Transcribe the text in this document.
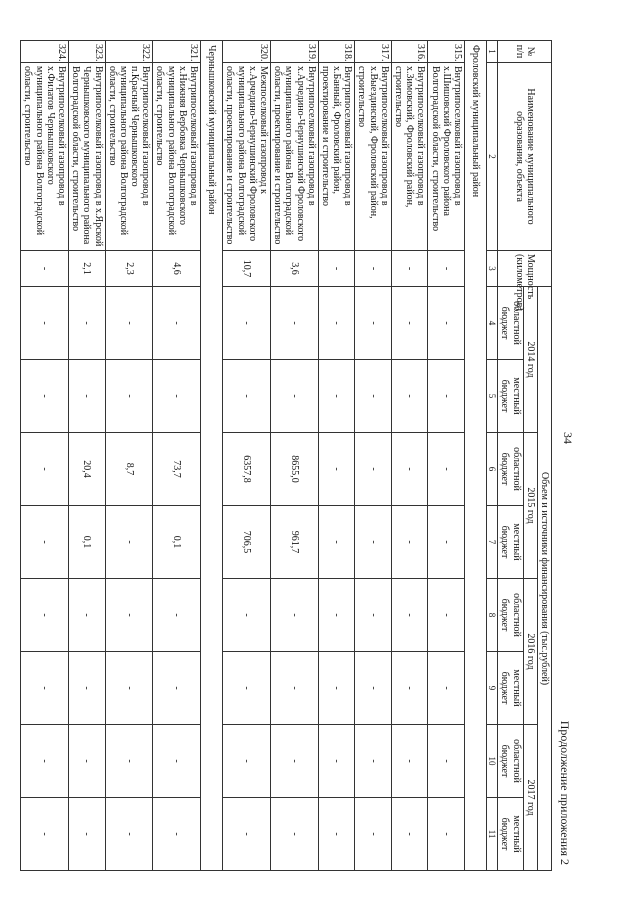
34
Продолжение приложения 2
№ п/п	Наименование муниципального образования, объекта	Мощность (километров)	Объем и источники финансирования (тыс.рублей)							
			2014 год		2015 год		2016 год		2017 год	
			областной бюджет	местный бюджет	областной бюджет	местный бюджет	областной бюджет	местный бюджет	областной бюджет	местный бюджет
1	2	3	4	5	6	7	8	9	10	11
Фроловский муниципальный район										
315.	Внутрипоселковый газопровод в х.Шишовский Фроловского района Волгоградской области, строительство	-	-	-	-	-	-	-	-	-
316.	Внутрипоселковый газопровод в х.Зимовский, Фроловский район, строительство	-	-	-	-	-	-	-	-	-
317.	Внутрипоселковый газопровод в х.Выездинский, Фроловский район, строительство	-	-	-	-	-	-	-	-	-
318.	Внутрипоселковый газопровод в х.Банный, Фроловский район, проектирование и строительство	-	-	-	-	-	-	-	-	-
319.	Внутрипоселковый газопровод в х.Арчедино-Чернушинский Фроловского муниципального района Волгоградской области, проектирование и строительство	3,6	-	-	8655,0	961,7	-	-	-	-
320.	Межпоселковый газопровод к х.Арчедино-Чернушинский Фроловского муниципального района Волгоградской области, проектирование и строительство	10,7	-	-	6357,8	706,5	-	-	-	-
Чернышковский муниципальный район										
321.	Внутрипоселковый газопровод в х.Нижняя Вербовка Чернышковского муниципального района Волгоградской области, строительство	4,6	-	-	73,7	0,1	-	-	-	-
322.	Внутрипоселковый газопровод в п.Красный Чернышковского муниципального района Волгоградской области, строительство	2,3	-	-	8,7	-	-	-	-	-
323.	Внутрипоселковый газопровод в х.Ярской Чернышковского муниципального района Волгоградской области, строительство	2,1	-	-	20,4	0,1	-	-	-	-
324.	Внутрипоселковый газопровод в х.Филатов Чернышковского муниципального района Волгоградской области, строительство	-	-	-	-	-	-	-	-	-
